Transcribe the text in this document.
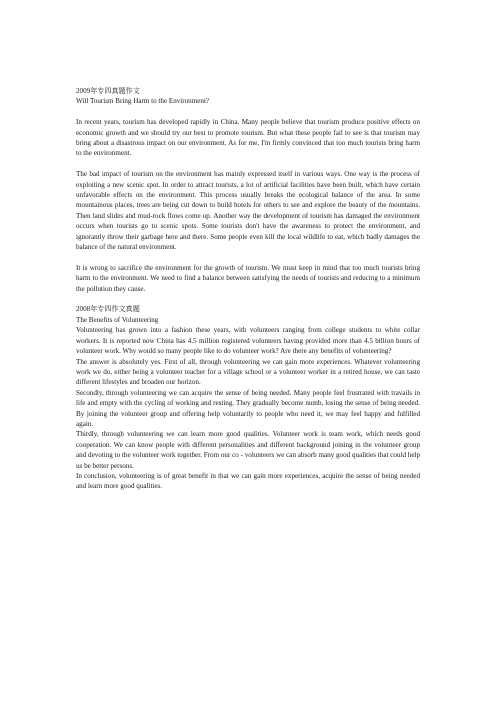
2009年专四真题作文

Will Tourism Bring Harm to the Environment?

In recent years, tourism has developed rapidly in China. Many people believe that tourism produce positive effects on economic growth and we should try our best to promote tourism. But what these people fail to see is that tourism may bring about a disastrous impact on our environment. As for me, I'm firmly convinced that too much tourists bring harm to the environment.

The bad impact of tourism on the environment has mainly expressed itself in various ways. One way is the process of exploiting a new scenic spot. In order to attract tourists, a lot of artificial facilities have been built, which have certain unfavorable effects on the environment. This process usually breaks the ecological balance of the area. In some mountainous places, trees are being cut down to build hotels for others to see and explore the beauty of the mountains. Then land slides and mud-rock flows come up. Another way the development of tourism has damaged the environment occurs when tourists go to scenic spots. Some tourists don't have the awareness to protect the environment, and ignorantly throw their garbage here and there. Some people even kill the local wildlife to eat, which badly damages the balance of the natural environment.

It is wrong to sacrifice the environment for the growth of tourism. We must keep in mind that too much tourists bring harm to the environment. We need to find a balance between satisfying the needs of tourists and reducing to a minimum the pollution they cause.

2008年专四作文真题

The Benefits of Volunteering

Volunteering has grown into a fashion these years, with volunteers ranging from college students to white collar workers. It is reported now China has 4.5 million registered volunteers having provided more than 4.5 billion hours of volunteer work. Why would so many people like to do volunteer work? Are there any benefits of volunteering?

The answer is absolutely yes. First of all, through volunteering we can gain more experiences. Whatever volunteering work we do, either being a volunteer teacher for a village school or a volunteer worker in a retired house, we can taste different lifestyles and broaden our horizon.

Secondly, through volunteering we can acquire the sense of being needed. Many people feel frustrated with travails in life and empty with the cycling of working and resting. They gradually become numb, losing the sense of being needed. By joining the volunteer group and offering help voluntarily to people who need it, we may feel happy and fulfilled again.

Thirdly, through volunteering we can learn more good qualities. Volunteer work is team work, which needs good cooperation. We can know people with different personalities and different background joining in the volunteer group and devoting to the volunteer work together. From our co - volunteers we can absorb many good qualities that could help us be better persons.

In conclusion, volunteering is of great benefit in that we can gain more experiences, acquire the sense of being needed and learn more good qualities.
